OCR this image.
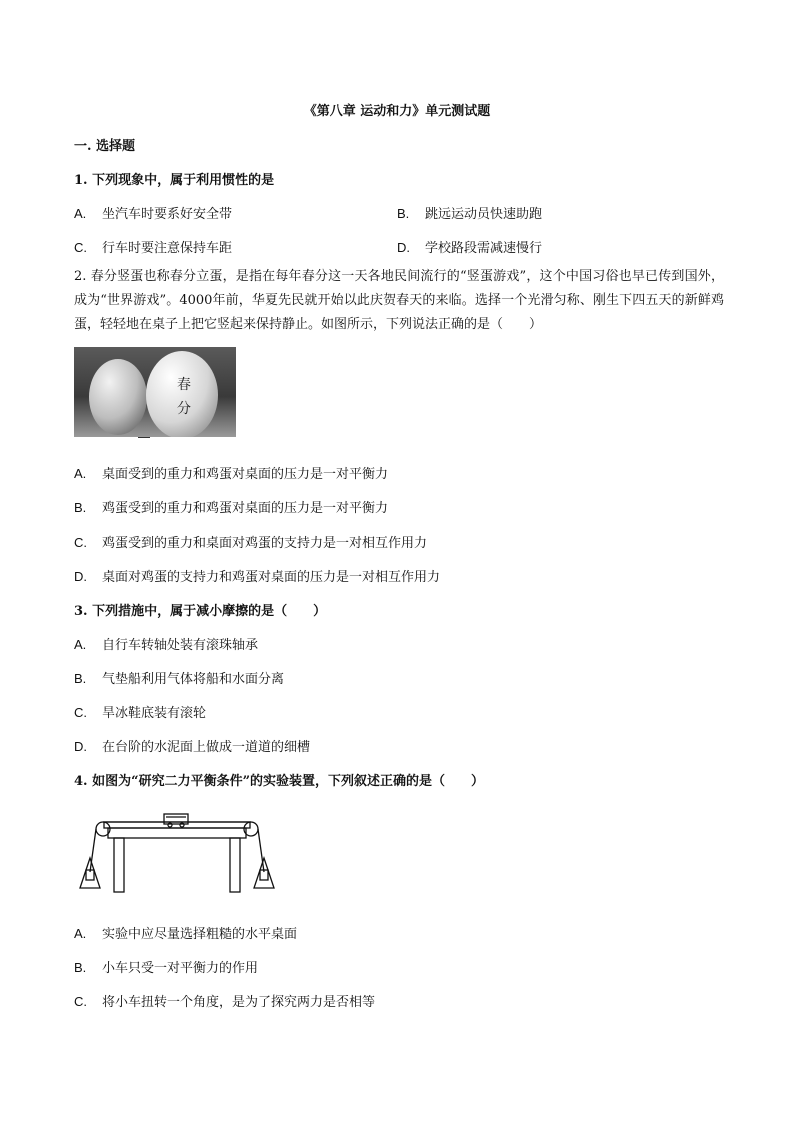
《第八章 运动和力》单元测试题
一. 选择题
1. 下列现象中，属于利用惯性的是
A. 坐汽车时要系好安全带	B. 跳远运动员快速助跑
C. 行车时要注意保持车距	D. 学校路段需减速慢行
2. 春分竖蛋也称春分立蛋，是指在每年春分这一天各地民间流行的“竖蛋游戏”，这个中国习俗也早已传到国外，成为“世界游戏”。4000年前，华夏先民就开始以此庆贺春天的来临。选择一个光滑匀称、刚生下四五天的新鲜鸡蛋，轻轻地在桌子上把它竖起来保持静止。如图所示，下列说法正确的是（　　）
春
分
A. 桌面受到的重力和鸡蛋对桌面的压力是一对平衡力
B. 鸡蛋受到的重力和鸡蛋对桌面的压力是一对平衡力
C. 鸡蛋受到的重力和桌面对鸡蛋的支持力是一对相互作用力
D. 桌面对鸡蛋的支持力和鸡蛋对桌面的压力是一对相互作用力
3. 下列措施中，属于减小摩擦的是（　　）
A. 自行车转轴处装有滚珠轴承
B. 气垫船利用气体将船和水面分离
C. 旱冰鞋底装有滚轮
D. 在台阶的水泥面上做成一道道的细槽
4. 如图为“研究二力平衡条件”的实验装置，下列叙述正确的是（　　）
A. 实验中应尽量选择粗糙的水平桌面
B. 小车只受一对平衡力的作用
C. 将小车扭转一个角度，是为了探究两力是否相等
